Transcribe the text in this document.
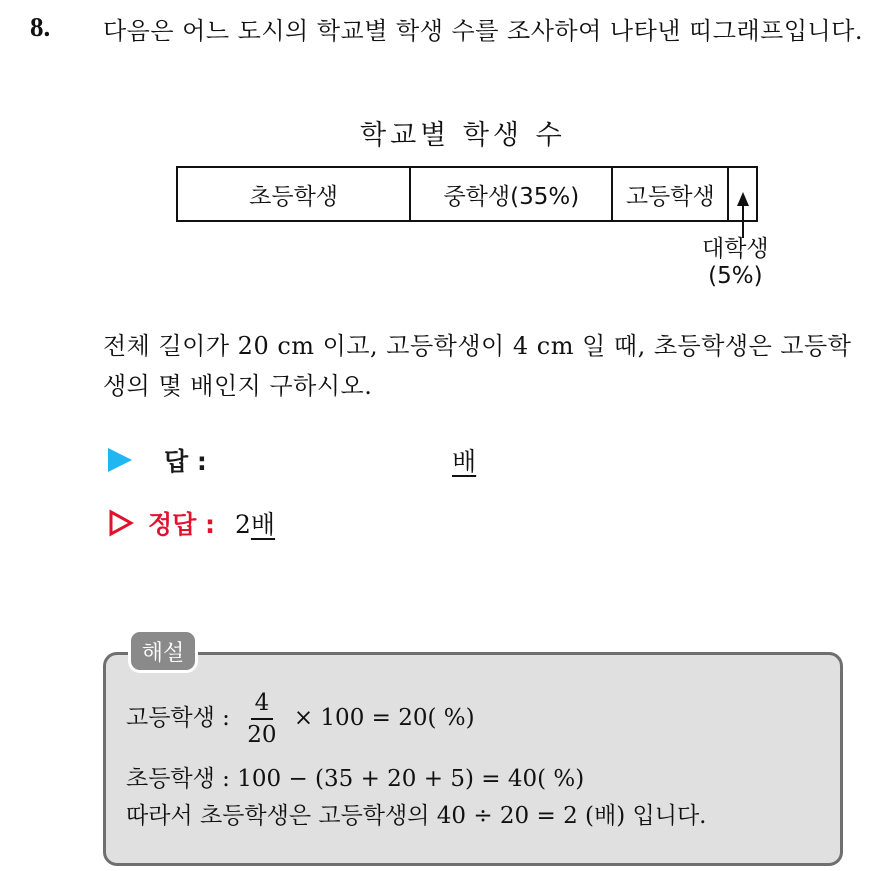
8. 다음은 어느 도시의 학교별 학생 수를 조사하여 나타낸 띠그래프입니다.
학교별 학생 수
초등학생	중학생(35%) 고등학생
대학생
(5%)
전체 길이가 20 cm 이고, 고등학생이 4 cm 일 때, 초등학생은 고등학생의 몇 배인지 구하시오.
답 :	배
정답 : 2배
해설
고등학생 : $\frac{4}{20} \times 100 = 20$( %)
초등학생 : 100 − (35 + 20 + 5) = 40( %)
따라서 초등학생은 고등학생의 40 ÷ 20 = 2 (배) 입니다.
